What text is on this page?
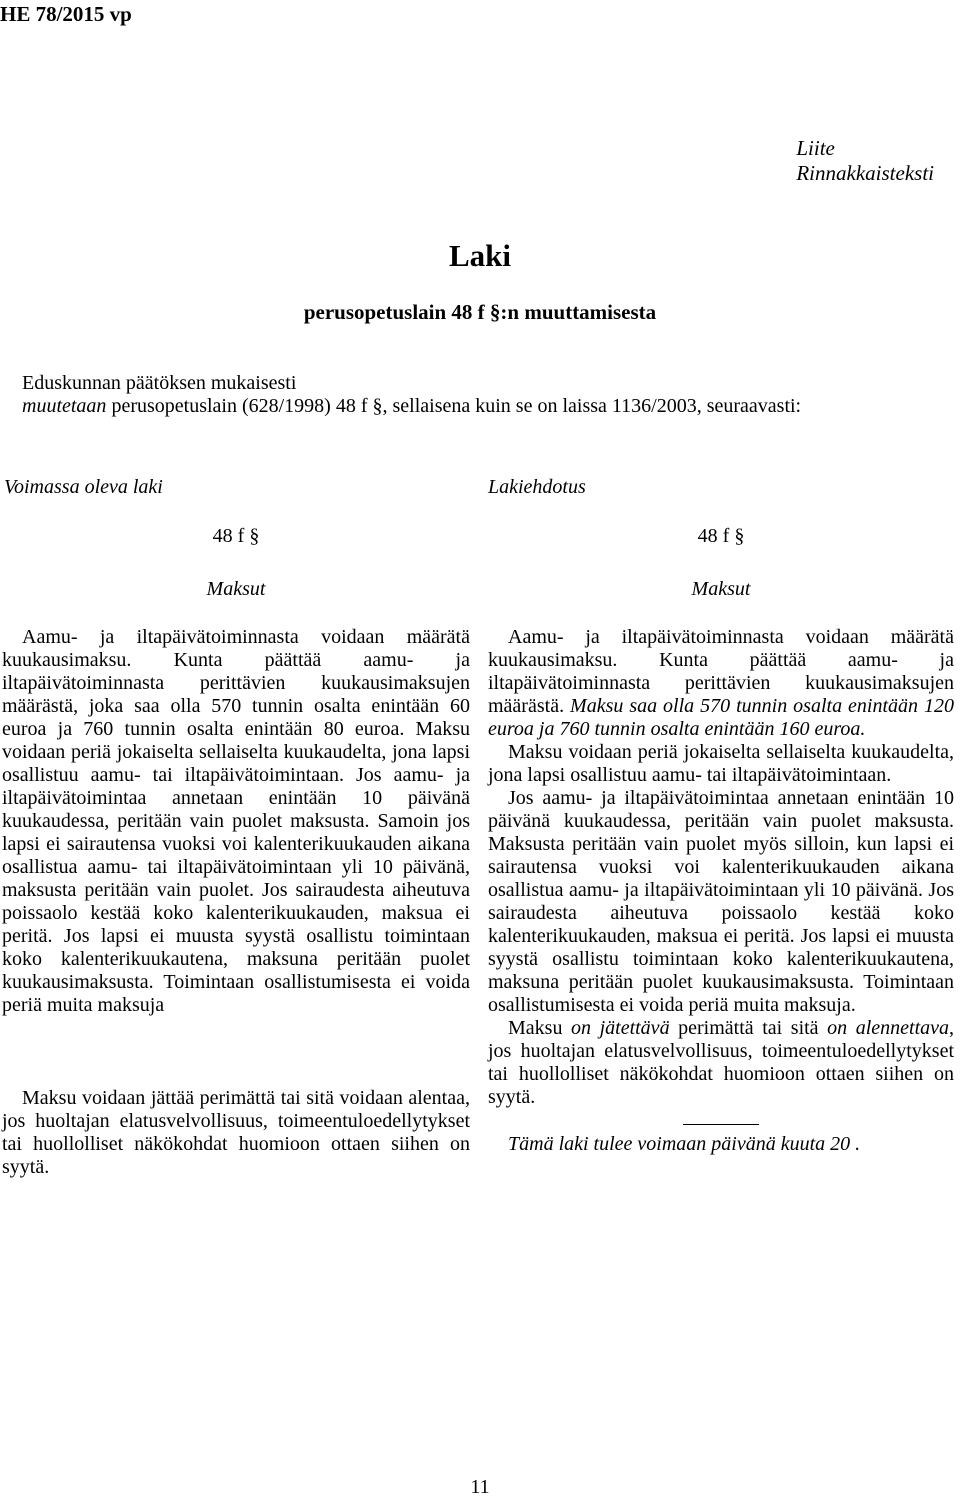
HE 78/2015 vp
Liite
Rinnakkaisteksti
Laki
perusopetuslain 48 f §:n muuttamisesta

Eduskunnan päätöksen mukaisesti

muutetaan perusopetuslain (628/1998) 48 f §, sellaisena kuin se on laissa 1136/2003, seuraavasti:

Voimassa oleva laki	Lakiehdotus
48 f §
Maksut

Aamu- ja iltapäivätoiminnasta voidaan määrätä kuukausimaksu. Kunta päättää aamu- ja iltapäivätoiminnasta perittävien kuukausimaksujen määrästä, joka saa olla 570 tunnin osalta enintään 60 euroa ja 760 tunnin osalta enintään 80 euroa. Maksu voidaan periä jokaiselta sellaiselta kuukaudelta, jona lapsi osallistuu aamu- tai iltapäivätoimintaan. Jos aamu- ja iltapäivätoimintaa annetaan enintään 10 päivänä kuukaudessa, peritään vain puolet maksusta. Samoin jos lapsi ei sairautensa vuoksi voi kalenterikuukauden aikana osallistua aamu- tai iltapäivätoimintaan yli 10 päivänä, maksusta peritään vain puolet. Jos sairaudesta aiheutuva poissaolo kestää koko kalenterikuukauden, maksua ei peritä. Jos lapsi ei muusta syystä osallistu toimintaan koko kalenterikuukautena, maksuna peritään puolet kuukausimaksusta. Toimintaan osallistumisesta ei voida periä muita maksuja

Maksu voidaan jättää perimättä tai sitä voidaan alentaa, jos huoltajan elatusvelvollisuus, toimeentuloedellytykset tai huollolliset näkökohdat huomioon ottaen siihen on syytä.

48 f §
Maksut

Aamu- ja iltapäivätoiminnasta voidaan määrätä kuukausimaksu. Kunta päättää aamu- ja iltapäivätoiminnasta perittävien kuukausimaksujen määrästä. Maksu saa olla 570 tunnin osalta enintään 120 euroa ja 760 tunnin osalta enintään 160 euroa.

Maksu voidaan periä jokaiselta sellaiselta kuukaudelta, jona lapsi osallistuu aamu- tai iltapäivätoimintaan.

Jos aamu- ja iltapäivätoimintaa annetaan enintään 10 päivänä kuukaudessa, peritään vain puolet maksusta. Maksusta peritään vain puolet myös silloin, kun lapsi ei sairautensa vuoksi voi kalenterikuukauden aikana osallistua aamu- ja iltapäivätoimintaan yli 10 päivänä. Jos sairaudesta aiheutuva poissaolo kestää koko kalenterikuukauden, maksua ei peritä. Jos lapsi ei muusta syystä osallistu toimintaan koko kalenterikuukautena, maksuna peritään puolet kuukausimaksusta. Toimintaan osallistumisesta ei voida periä muita maksuja.

Maksu on jätettävä perimättä tai sitä on alennettava, jos huoltajan elatusvelvollisuus, toimeentuloedellytykset tai huollolliset näkökohdat huomioon ottaen siihen on syytä.

Tämä laki tulee voimaan päivänä kuuta 20 .

11
